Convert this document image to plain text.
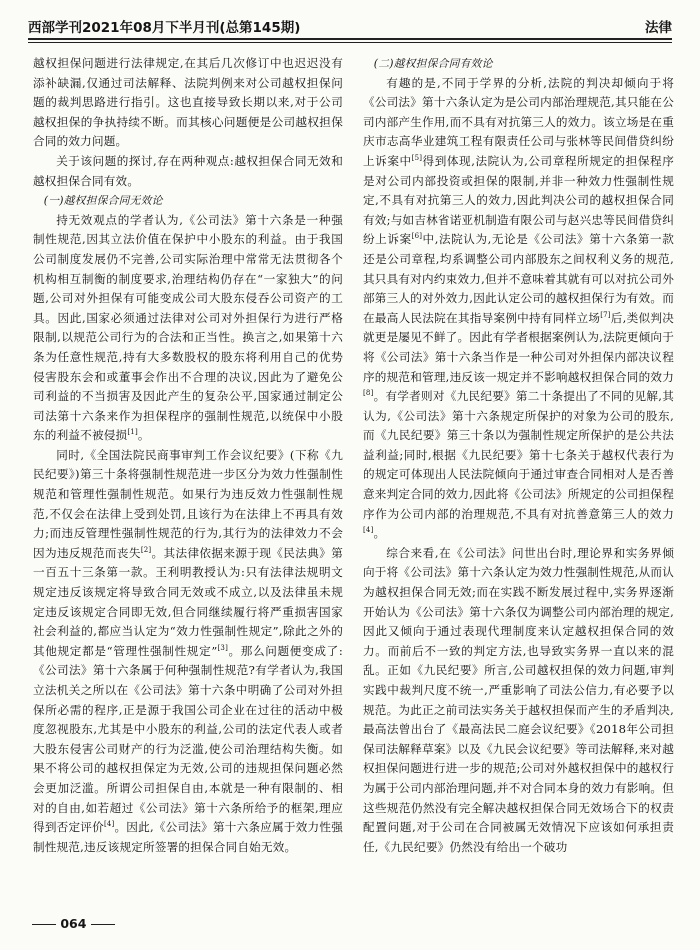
西部学刊2021年08月下半月刊(总第145期)	法律

越权担保问题进行法律规定,在其后几次修订中也迟迟没有添补缺漏,仅通过司法解释、法院判例来对公司越权担保问题的裁判思路进行指引。这也直接导致长期以来,对于公司越权担保的争执持续不断。而其核心问题便是公司越权担保合同的效力问题。

关于该问题的探讨,存在两种观点:越权担保合同无效和越权担保合同有效。

(一)越权担保合同无效论

持无效观点的学者认为,《公司法》第十六条是一种强制性规范,因其立法价值在保护中小股东的利益。由于我国公司制度发展仍不完善,公司实际治理中常常无法贯彻各个机构相互制衡的制度要求,治理结构仍存在“一家独大”的问题,公司对外担保有可能变成公司大股东侵吞公司资产的工具。因此,国家必须通过法律对公司对外担保行为进行严格限制,以规范公司行为的合法和正当性。换言之,如果第十六条为任意性规范,持有大多数股权的股东将利用自己的优势侵害股东会和或董事会作出不合理的决议,因此为了避免公司利益的不当损害及因此产生的复杂公平,国家通过制定公司法第十六条来作为担保程序的强制性规范,以统保中小股东的利益不被侵损[1]。

同时,《全国法院民商事审判工作会议纪要》(下称《九民纪要》)第三十条将强制性规范进一步区分为效力性强制性规范和管理性强制性规范。如果行为违反效力性强制性规范,不仅会在法律上受到处罚,且该行为在法律上不再具有效力;而违反管理性强制性规范的行为,其行为的法律效力不会因为违反规范而丧失[2]。其法律依据来源于现《民法典》第一百五十三条第一款。王利明教授认为:只有法律法规明文规定违反该规定将导致合同无效或不成立,以及法律虽未规定违反该规定合同即无效,但合同继续履行将严重损害国家社会利益的,都应当认定为“效力性强制性规定”,除此之外的其他规定都是“管理性强制性规定”[3]。那么问题便变成了:《公司法》第十六条属于何种强制性规范?有学者认为,我国立法机关之所以在《公司法》第十六条中明确了公司对外担保所必需的程序,正是源于我国公司企业在过往的活动中极度忽视股东,尤其是中小股东的利益,公司的法定代表人或者大股东侵害公司财产的行为泛滥,使公司治理结构失衡。如果不将公司的越权担保定为无效,公司的违规担保问题必然会更加泛滥。所谓公司担保自由,本就是一种有限制的、相对的自由,如若超过《公司法》第十六条所给予的框架,理应得到否定评价[4]。因此,《公司法》第十六条应属于效力性强制性规范,违反该规定所签署的担保合同自始无效。

(二)越权担保合同有效论

有趣的是,不同于学界的分析,法院的判决却倾向于将《公司法》第十六条认定为是公司内部治理规范,其只能在公司内部产生作用,而不具有对抗第三人的效力。该立场是在重庆市志高华业建筑工程有限责任公司与张林等民间借贷纠纷上诉案中[5]得到体现,法院认为,公司章程所规定的担保程序是对公司内部投资或担保的限制,并非一种效力性强制性规定,不具有对抗第三人的效力,因此判决公司的越权担保合同有效;与如吉林省诺亚机制造有限公司与赵兴忠等民间借贷纠纷上诉案[6]中,法院认为,无论是《公司法》第十六条第一款还是公司章程,均系调整公司内部股东之间权利义务的规范,其只具有对内约束效力,但并不意味着其就有可以对抗公司外部第三人的对外效力,因此认定公司的越权担保行为有效。而在最高人民法院在其指导案例中持有同样立场[7]后,类似判决就更是屡见不鲜了。因此有学者根据案例认为,法院更倾向于将《公司法》第十六条当作是一种公司对外担保内部决议程序的规范和管理,违反该一规定并不影响越权担保合同的效力[8]。有学者则对《九民纪要》第二十条提出了不同的见解,其认为,《公司法》第十六条规定所保护的对象为公司的股东,而《九民纪要》第三十条以为强制性规定所保护的是公共法益利益;同时,根据《九民纪要》第十七条关于越权代表行为的规定可体现出人民法院倾向于通过审查合同相对人是否善意来判定合同的效力,因此将《公司法》所规定的公司担保程序作为公司内部的治理规范,不具有对抗善意第三人的效力[4]。

综合来看,在《公司法》问世出台时,理论界和实务界倾向于将《公司法》第十六条认定为效力性强制性规范,从而认为越权担保合同无效;而在实践不断发展过程中,实务界逐渐开始认为《公司法》第十六条仅为调整公司内部治理的规定,因此又倾向于通过表现代理制度来认定越权担保合同的效力。而前后不一致的判定方法,也导致实务界一直以来的混乱。正如《九民纪要》所言,公司越权担保的效力问题,审判实践中裁判尺度不统一,严重影响了司法公信力,有必要予以规范。为此正之前司法实务关于越权担保而产生的矛盾判决,最高法曾出台了《最高法民二庭会议纪要》《2018年公司担保司法解释草案》以及《九民会议纪要》等司法解释,来对越权担保问题进行进一步的规范;公司对外越权担保中的越权行为属于公司内部治理问题,并不对合同本身的效力有影响。但这些规范仍然没有完全解决越权担保合同无效场合下的权责配置问题,对于公司在合同被属无效情况下应该如何承担责任,《九民纪要》仍然没有给出一个破功

064
